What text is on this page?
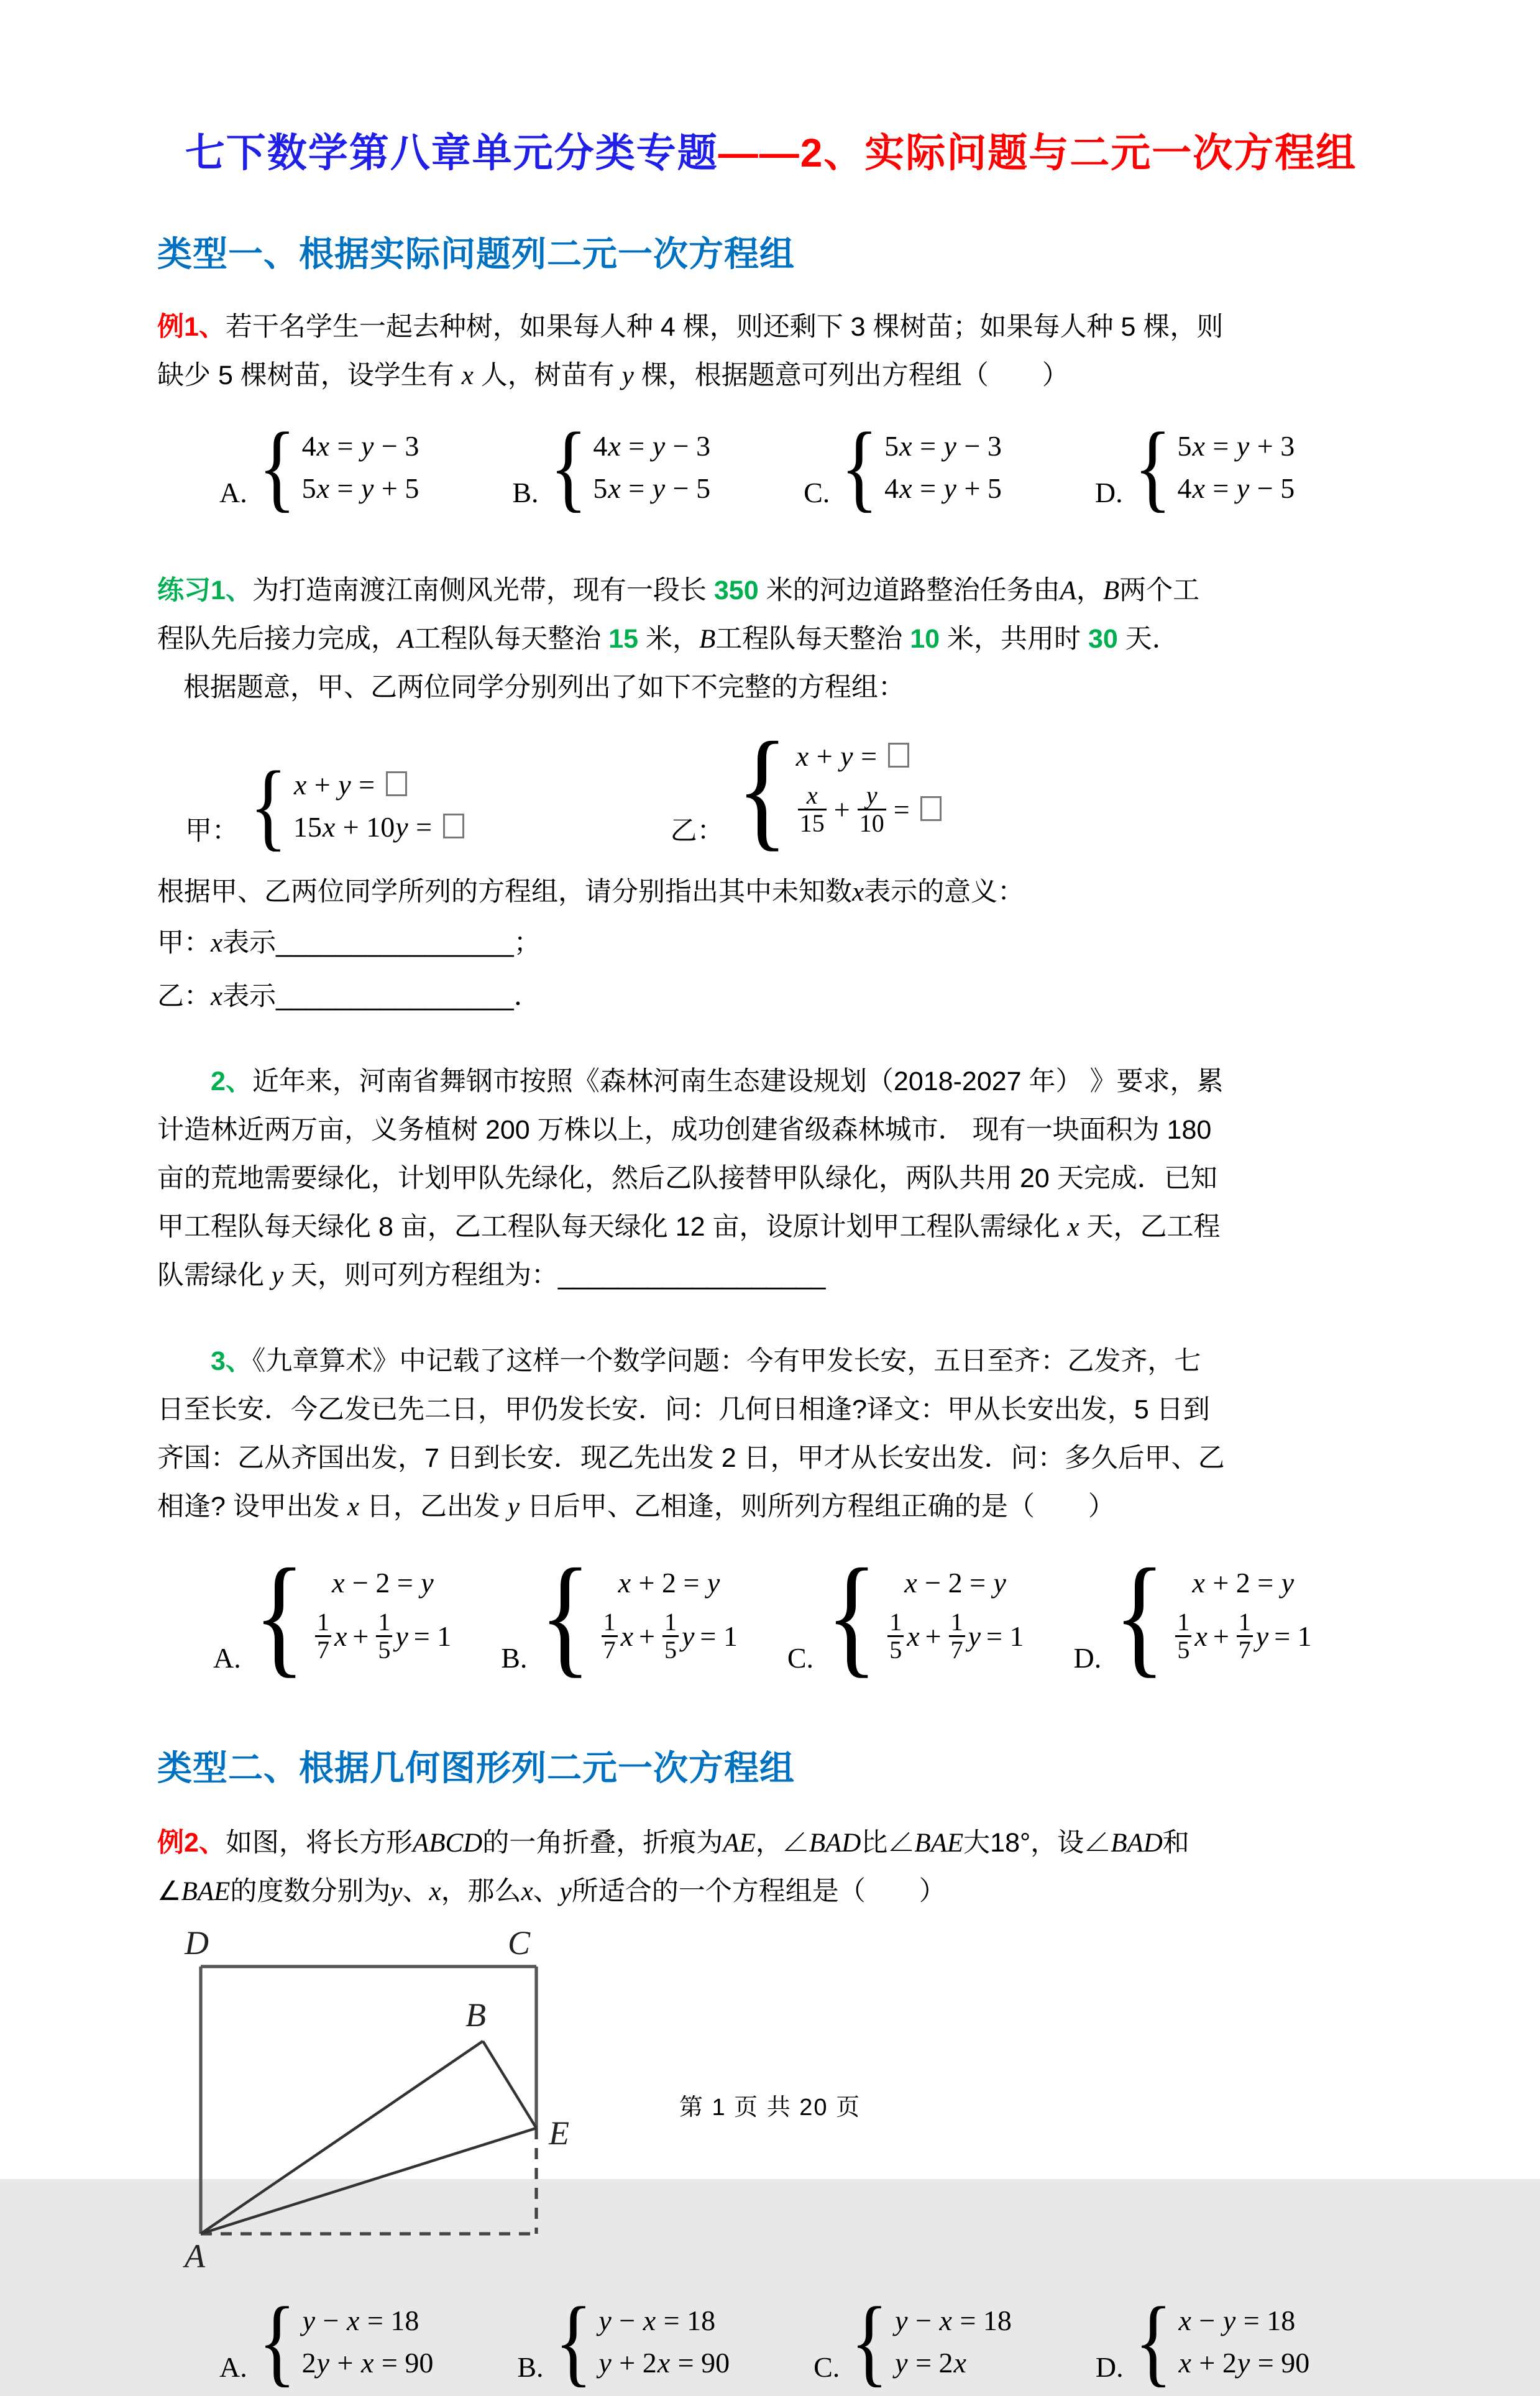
七下数学第八章单元分类专题——2、实际问题与二元一次方程组
类型一、根据实际问题列二元一次方程组
例1、若干名学生一起去种树，如果每人种 4 棵，则还剩下 3 棵树苗；如果每人种 5 棵，则
缺少 5 棵树苗，设学生有 x 人，树苗有 y 棵，根据题意可列出方程组（　　）
A. { 4x = y − 3
5x = y + 5	B. { 4x = y − 3
5x = y − 5	C. { 5x = y − 3
4x = y + 5	D. { 5x = y + 3
4x = y − 5
练习1、为打造南渡江南侧风光带，现有一段长 350 米的河边道路整治任务由A，B两个工
程队先后接力完成，A工程队每天整治 15 米，B工程队每天整治 10 米，共用时 30 天．
根据题意，甲、乙两位同学分别列出了如下不完整的方程组：
甲： { x + y =
15x + 10y =	乙： { x + y =
$\frac{x}{15} + \frac{y}{10}$ =
根据甲、乙两位同学所列的方程组，请分别指出其中未知数x表示的意义：
甲：x表示________________；
乙：x表示________________．
2、近年来，河南省舞钢市按照《森林河南生态建设规划（2018-2027 年） 》要求，累
计造林近两万亩，义务植树 200 万株以上，成功创建省级森林城市． 现有一块面积为 180
亩的荒地需要绿化，计划甲队先绿化，然后乙队接替甲队绿化，两队共用 20 天完成．已知
甲工程队每天绿化 8 亩，乙工程队每天绿化 12 亩，设原计划甲工程队需绿化 x 天，乙工程
队需绿化 y 天，则可列方程组为：__________________
3、《九章算术》中记载了这样一个数学问题：今有甲发长安，五日至齐：乙发齐，七
日至长安．今乙发已先二日，甲仍发长安．问：几何日相逢?译文：甲从长安出发，5 日到
齐国：乙从齐国出发，7 日到长安．现乙先出发 2 日，甲才从长安出发．问：多久后甲、乙
相逢? 设甲出发 x 日，乙出发 y 日后甲、乙相逢，则所列方程组正确的是（　　）
A. { x − 2 = y
$\frac{1}{7}$ $x + \frac{1}{5}$ y = 1
B. { x + 2 = y
$\frac{1}{7}$ $x + \frac{1}{5}$ y = 1
C. { x − 2 = y
$\frac{1}{5}$ $x + \frac{1}{7}$ y = 1
D. { x + 2 = y
$\frac{1}{5}$ $x + \frac{1}{7}$ y = 1
类型二、根据几何图形列二元一次方程组
例2、如图，将长方形ABCD的一角折叠，折痕为AE，∠BAD比∠BAE大18°，设∠BAD和
∠BAE的度数分别为y、x，那么x、y所适合的一个方程组是（　　）
D	C
B
E
A
A. { y − x = 18
2y + x = 90	B. { y − x = 18
y + 2x = 90	C. { y − x = 18
y = 2x	D. { x − y = 18
x + 2y = 90
第 1 页 共 20 页
